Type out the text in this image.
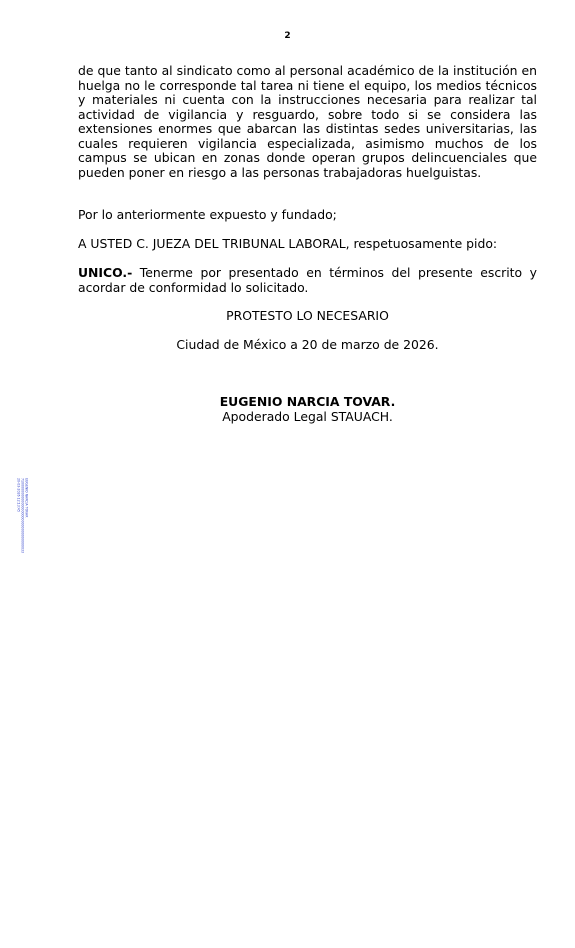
2
de que tanto al sindicato como al personal académico de la institución en huelga no le corresponde tal tarea ni tiene el equipo, los medios técnicos y materiales ni cuenta con la instrucciones necesaria para realizar tal actividad de vigilancia y resguardo, sobre todo si se considera las extensiones enormes que abarcan las distintas sedes universitarias, las cuales requieren vigilancia especializada, asimismo muchos de los campus se ubican en zonas donde operan grupos delincuenciales que pueden poner en riesgo a las personas trabajadoras huelguistas.
Por lo anteriormente expuesto y fundado;
A USTED C. JUEZA DEL TRIBUNAL LABORAL, respetuosamente pido:
UNICO.- Tenerme por presentado en términos del presente escrito y acordar de conformidad lo solicitado.
PROTESTO LO NECESARIO
Ciudad de México a 20 de marzo de 2026.
EUGENIO NARCIA TOVAR.
Apoderado Legal STAUACH.
EUGENIO NARCIA TOVAR
7100000000000000000000000000000000033
20-03-2026 12:13:45
